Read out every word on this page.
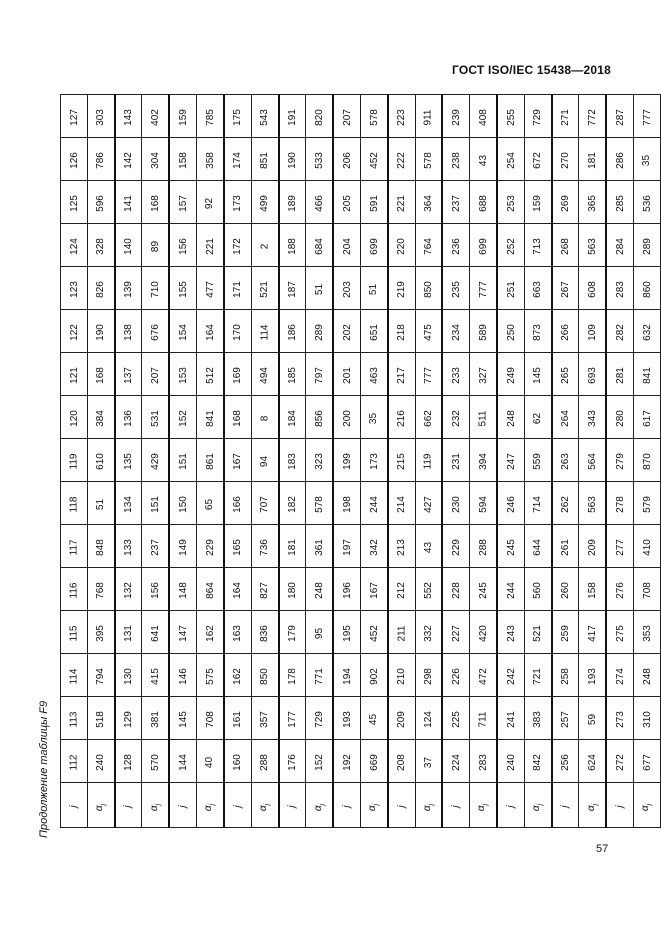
ГОСТ ISO/IEC 15438—2018
Продолжение таблицы F9
127	303	143	402	159	785	175	543	191	820	207	578	223	911	239	408	255	729	271	772	287	777
126	786	142	304	158	358	174	851	190	533	206	452	222	578	238	43	254	672	270	181	286	35
125	596	141	168	157	92	173	499	189	466	205	591	221	364	237	688	253	159	269	365	285	536
124	328	140	89	156	221	172	2	188	684	204	699	220	764	236	699	252	713	268	563	284	289
123	826	139	710	155	477	171	521	187	51	203	51	219	850	235	777	251	663	267	608	283	860
122	190	138	676	154	164	170	114	186	289	202	651	218	475	234	589	250	873	266	109	282	632
121	168	137	207	153	512	169	494	185	797	201	463	217	777	233	327	249	145	265	693	281	841
120	384	136	531	152	841	168	8	184	856	200	35	216	662	232	511	248	62	264	343	280	617
119	610	135	429	151	861	167	94	183	323	199	173	215	119	231	394	247	559	263	564	279	870
118	51	134	151	150	65	166	707	182	578	198	244	214	427	230	594	246	714	262	563	278	579
117	848	133	237	149	229	165	736	181	361	197	342	213	43	229	288	245	644	261	209	277	410
116	768	132	156	148	864	164	827	180	248	196	167	212	552	228	245	244	560	260	158	276	708
115	395	131	641	147	162	163	836	179	95	195	452	211	332	227	420	243	521	259	417	275	353
114	794	130	415	146	575	162	850	178	771	194	902	210	298	226	472	242	721	258	193	274	248
113	518	129	381	145	708	161	357	177	729	193	45	209	124	225	711	241	383	257	59	273	310
112	240	128	570	144	40	160	288	176	152	192	669	208	37	224	283	240	842	256	624	272	677
j	$\alpha_j$	j	$\alpha_j$	j	$\alpha_j$	j	$\alpha_j$	j	$\alpha_j$	j	$\alpha_j$	j	$\alpha_j$	j	$\alpha_j$	j	$\alpha_j$	j	$\alpha_j$	j	$\alpha_j$
57
